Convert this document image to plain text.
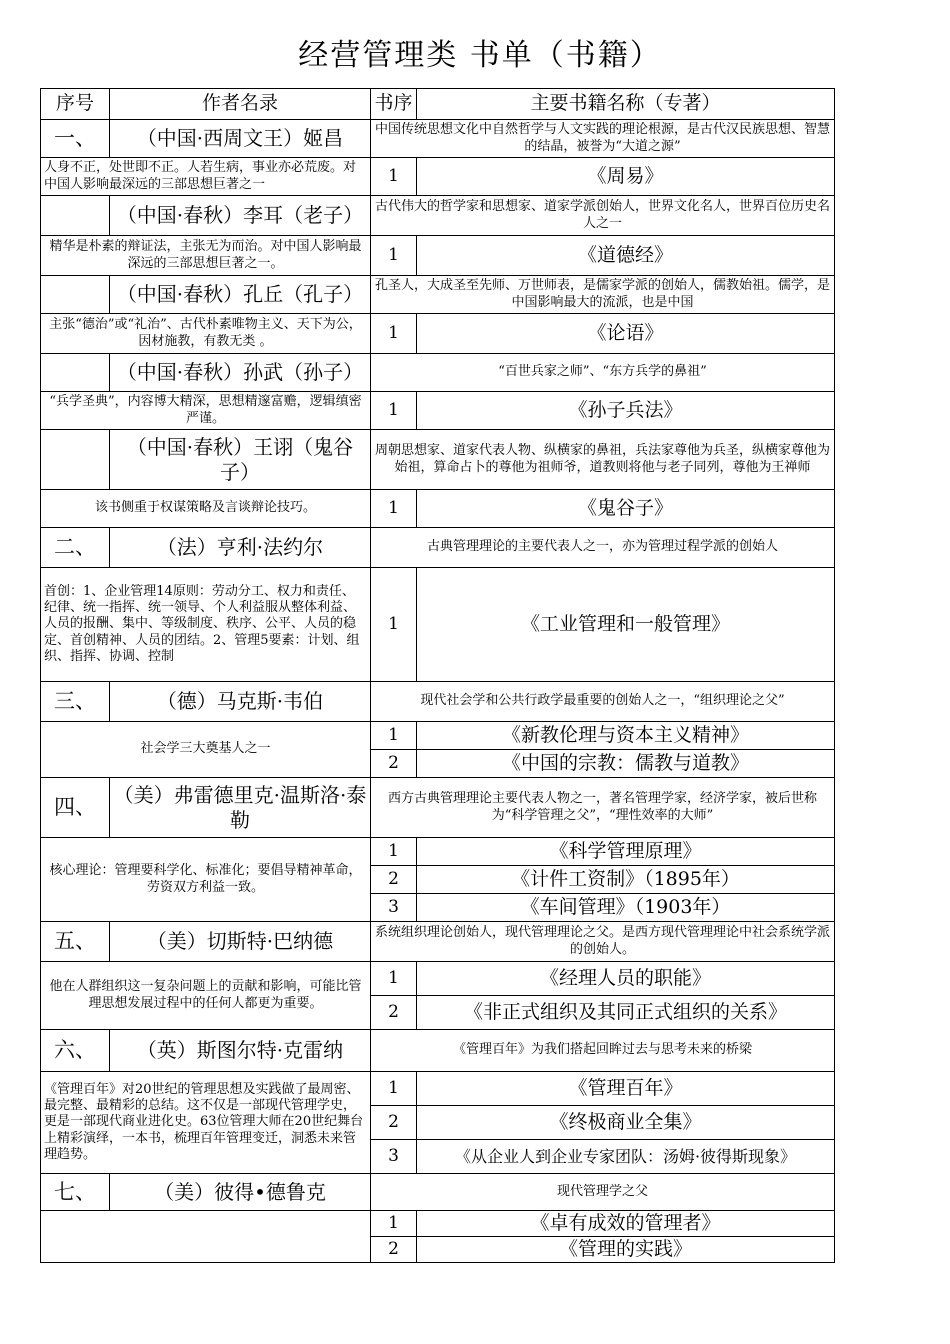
经营管理类 书单（书籍）
序号	作者名录	书序	主要书籍名称（专著）
一、	（中国·西周文王）姬昌	中国传统思想文化中自然哲学与人文实践的理论根源，是古代汉民族思想、智慧的结晶，被誉为“大道之源”	

人身不正，处世即不正。人若生病，事业亦必荒废。对中国人影响最深远的三部思想巨著之一		1	《周易》
	（中国·春秋）李耳（老子）	古代伟大的哲学家和思想家、道家学派创始人，世界文化名人，世界百位历史名人之一	

精华是朴素的辩证法，主张无为而治。对中国人影响最深远的三部思想巨著之一。		1	《道德经》
	（中国·春秋）孔丘（孔子）	孔圣人，大成圣至先师、万世师表，是儒家学派的创始人，儒教始祖。儒学，是中国影响最大的流派，也是中国	

主张“德治”或“礼治”、古代朴素唯物主义、天下为公，因材施教，有教无类 。		1	《论语》
	（中国·春秋）孙武（孙子）	“百世兵家之师”、“东方兵学的鼻祖”	

“兵学圣典”，内容博大精深，思想精邃富赡，逻辑缜密严谨。		1	《孙子兵法》
	（中国·春秋）王诩（鬼谷子）	周朝思想家、道家代表人物、纵横家的鼻祖，兵法家尊他为兵圣，纵横家尊他为始祖，算命占卜的尊他为祖师爷，道教则将他与老子同列，尊他为王禅师	

该书侧重于权谋策略及言谈辩论技巧。		1	《鬼谷子》
二、	（法）亨利·法约尔	古典管理理论的主要代表人之一，亦为管理过程学派的创始人	

首创：1、企业管理14原则：劳动分工、权力和责任、纪律、统一指挥、统一领导、个人利益服从整体利益、人员的报酬、集中、等级制度、秩序、公平、人员的稳定、首创精神、人员的团结。2、管理5要素：计划、组织、指挥、协调、控制		1	《工业管理和一般管理》
三、	（德）马克斯·韦伯	现代社会学和公共行政学最重要的创始人之一，“组织理论之父”	
社会学三大奠基人之一		1	《新教伦理与资本主义精神》
		2	《中国的宗教：儒教与道教》
四、	（美）弗雷德里克·温斯洛·泰勒	西方古典管理理论主要代表人物之一，著名管理学家，经济学家，被后世称为“科学管理之父”，“理性效率的大师”	

核心理论：管理要科学化、标准化；要倡导精神革命，劳资双方利益一致。		1	《科学管理原理》
		2	《计件工资制》（1895年）
		3	《车间管理》（1903年）
五、	（美）切斯特·巴纳德	系统组织理论创始人，现代管理理论之父。是西方现代管理理论中社会系统学派的创始人。	
他在人群组织这一复杂问题上的贡献和影响，可能比管理思想发展过程中的任何人都更为重要。		1	《经理人员的职能》
		2	《非正式组织及其同正式组织的关系》
六、	（英）斯图尔特·克雷纳	《管理百年》为我们搭起回眸过去与思考未来的桥梁	
《管理百年》对20世纪的管理思想及实践做了最周密、最完整、最精彩的总结。这不仅是一部现代管理学史，更是一部现代商业进化史。63位管理大师在20世纪舞台上精彩演绎，一本书，梳理百年管理变迁，洞悉未来管理趋势。		1	《管理百年》
		2	《终极商业全集》
		3	《从企业人到企业专家团队：汤姆·彼得斯现象》
七、	（美）彼得•德鲁克	现代管理学之父	
		1	《卓有成效的管理者》
		2	《管理的实践》
